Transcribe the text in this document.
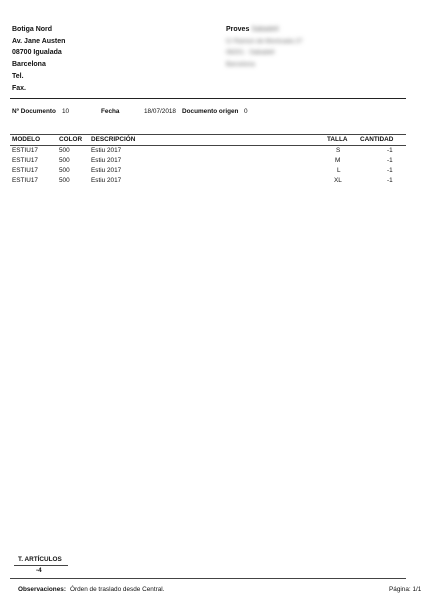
Botiga Nord
Av. Jane Austen
08700 Igualada
Barcelona
Tel.
Fax.
Proves Sabadell
C/ Ramon de Montcada 27
08201 - Sabadell
Barcelona
Nº Documento 10	Fecha	18/07/2018 Documento origen 0
MODELO	COLOR DESCRIPCIÓN	TALLA CANTIDAD
ESTIU17	500	Estiu 2017	S	-1
ESTIU17	500	Estiu 2017	M	-1
ESTIU17	500	Estiu 2017	L	-1
ESTIU17	500	Estiu 2017	XL	-1
T. ARTÍCULOS
-4
Observaciones: Órden de traslado desde Central.	Página: 1/1
